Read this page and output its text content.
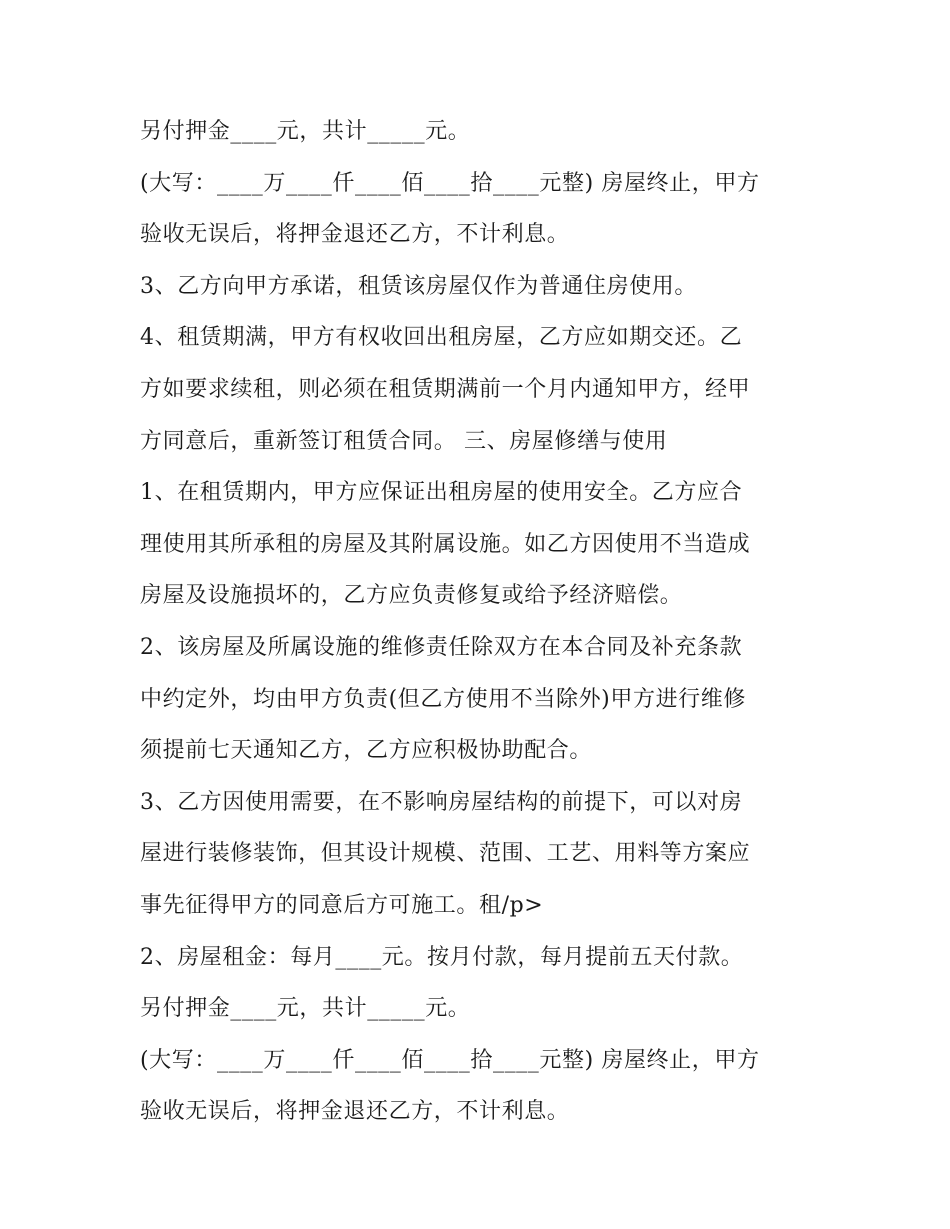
另付押金____元，共计_____元。
(大写：____万____仟____佰____拾____元整) 房屋终止，甲方
验收无误后，将押金退还乙方，不计利息。
3、乙方向甲方承诺，租赁该房屋仅作为普通住房使用。
4、租赁期满，甲方有权收回出租房屋，乙方应如期交还。乙
方如要求续租，则必须在租赁期满前一个月内通知甲方，经甲
方同意后，重新签订租赁合同。 三、房屋修缮与使用
1、在租赁期内，甲方应保证出租房屋的使用安全。乙方应合
理使用其所承租的房屋及其附属设施。如乙方因使用不当造成
房屋及设施损坏的，乙方应负责修复或给予经济赔偿。
2、该房屋及所属设施的维修责任除双方在本合同及补充条款
中约定外，均由甲方负责(但乙方使用不当除外)甲方进行维修
须提前七天通知乙方，乙方应积极协助配合。
3、乙方因使用需要，在不影响房屋结构的前提下，可以对房
屋进行装修装饰，但其设计规模、范围、工艺、用料等方案应
事先征得甲方的同意后方可施工。租/p>
2、房屋租金：每月____元。按月付款，每月提前五天付款。
另付押金____元，共计_____元。
(大写：____万____仟____佰____拾____元整) 房屋终止，甲方
验收无误后，将押金退还乙方，不计利息。
